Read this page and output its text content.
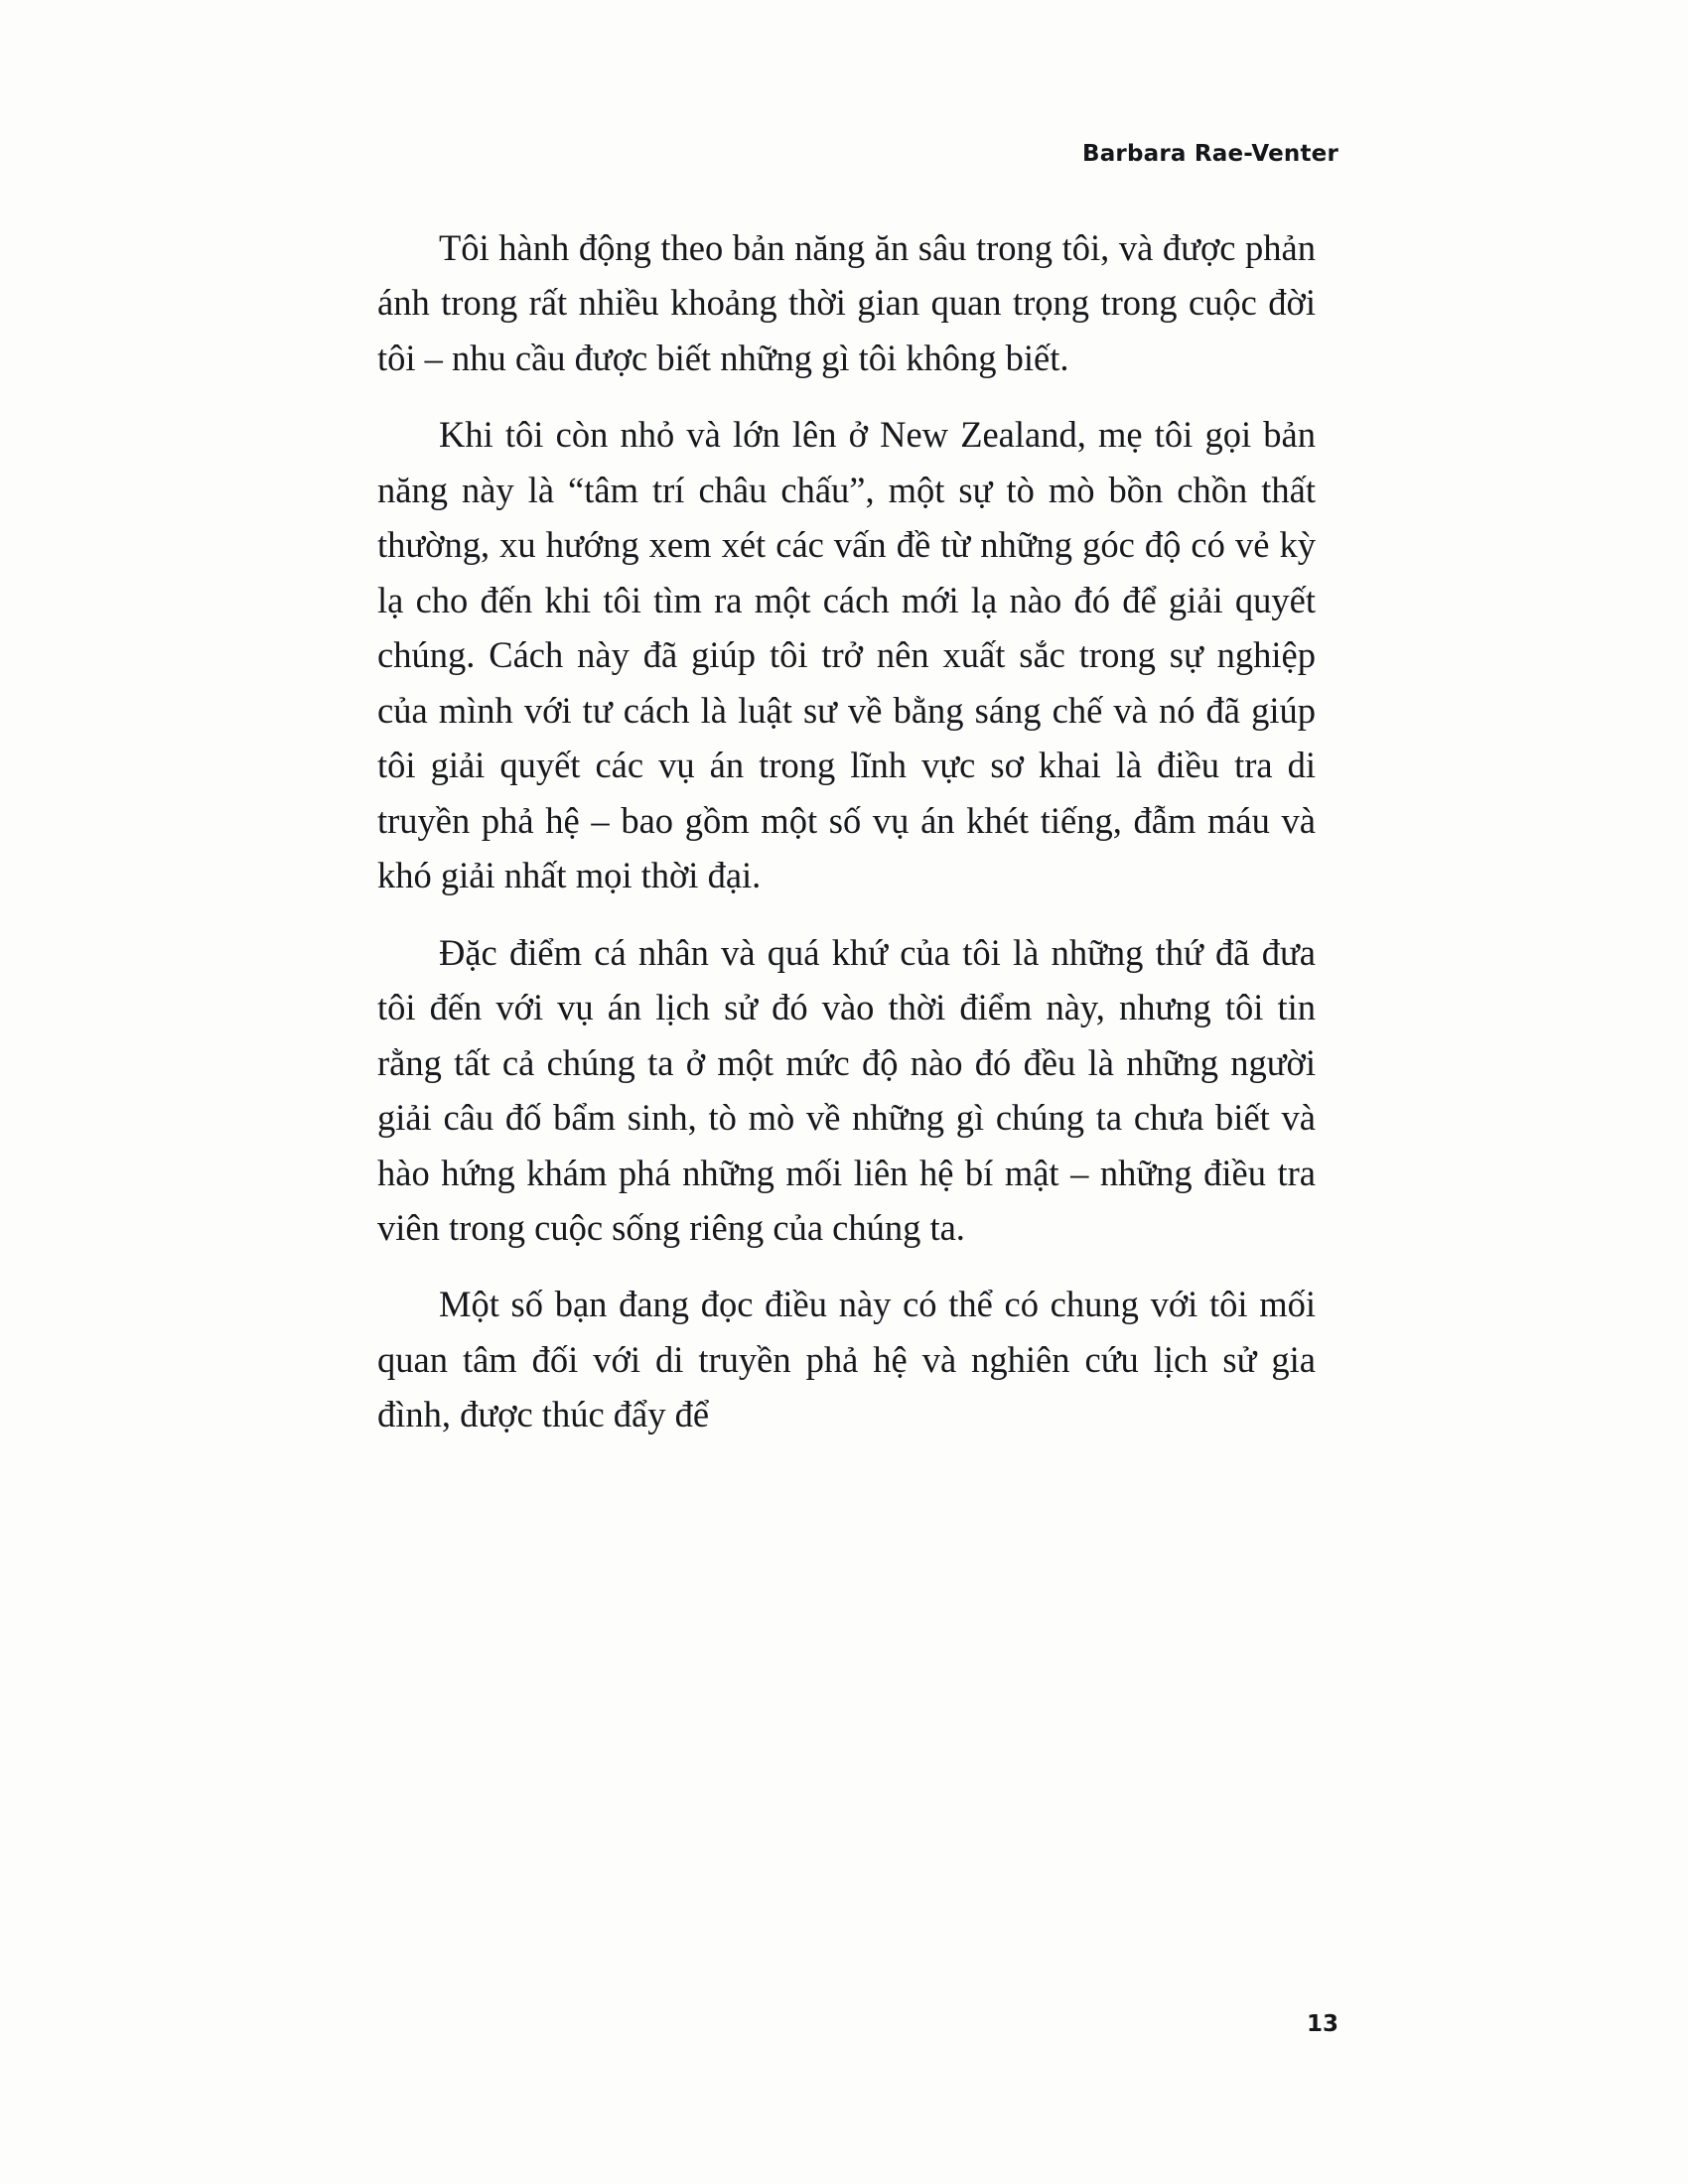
Barbara Rae-Venter

Tôi hành động theo bản năng ăn sâu trong tôi, và được phản ánh trong rất nhiều khoảng thời gian quan trọng trong cuộc đời tôi – nhu cầu được biết những gì tôi không biết.

Khi tôi còn nhỏ và lớn lên ở New Zealand, mẹ tôi gọi bản năng này là “tâm trí châu chấu”, một sự tò mò bồn chồn thất thường, xu hướng xem xét các vấn đề từ những góc độ có vẻ kỳ lạ cho đến khi tôi tìm ra một cách mới lạ nào đó để giải quyết chúng. Cách này đã giúp tôi trở nên xuất sắc trong sự nghiệp của mình với tư cách là luật sư về bằng sáng chế và nó đã giúp tôi giải quyết các vụ án trong lĩnh vực sơ khai là điều tra di truyền phả hệ – bao gồm một số vụ án khét tiếng, đẫm máu và khó giải nhất mọi thời đại.

Đặc điểm cá nhân và quá khứ của tôi là những thứ đã đưa tôi đến với vụ án lịch sử đó vào thời điểm này, nhưng tôi tin rằng tất cả chúng ta ở một mức độ nào đó đều là những người giải câu đố bẩm sinh, tò mò về những gì chúng ta chưa biết và hào hứng khám phá những mối liên hệ bí mật – những điều tra viên trong cuộc sống riêng của chúng ta.

Một số bạn đang đọc điều này có thể có chung với tôi mối quan tâm đối với di truyền phả hệ và nghiên cứu lịch sử gia đình, được thúc đẩy để

13
